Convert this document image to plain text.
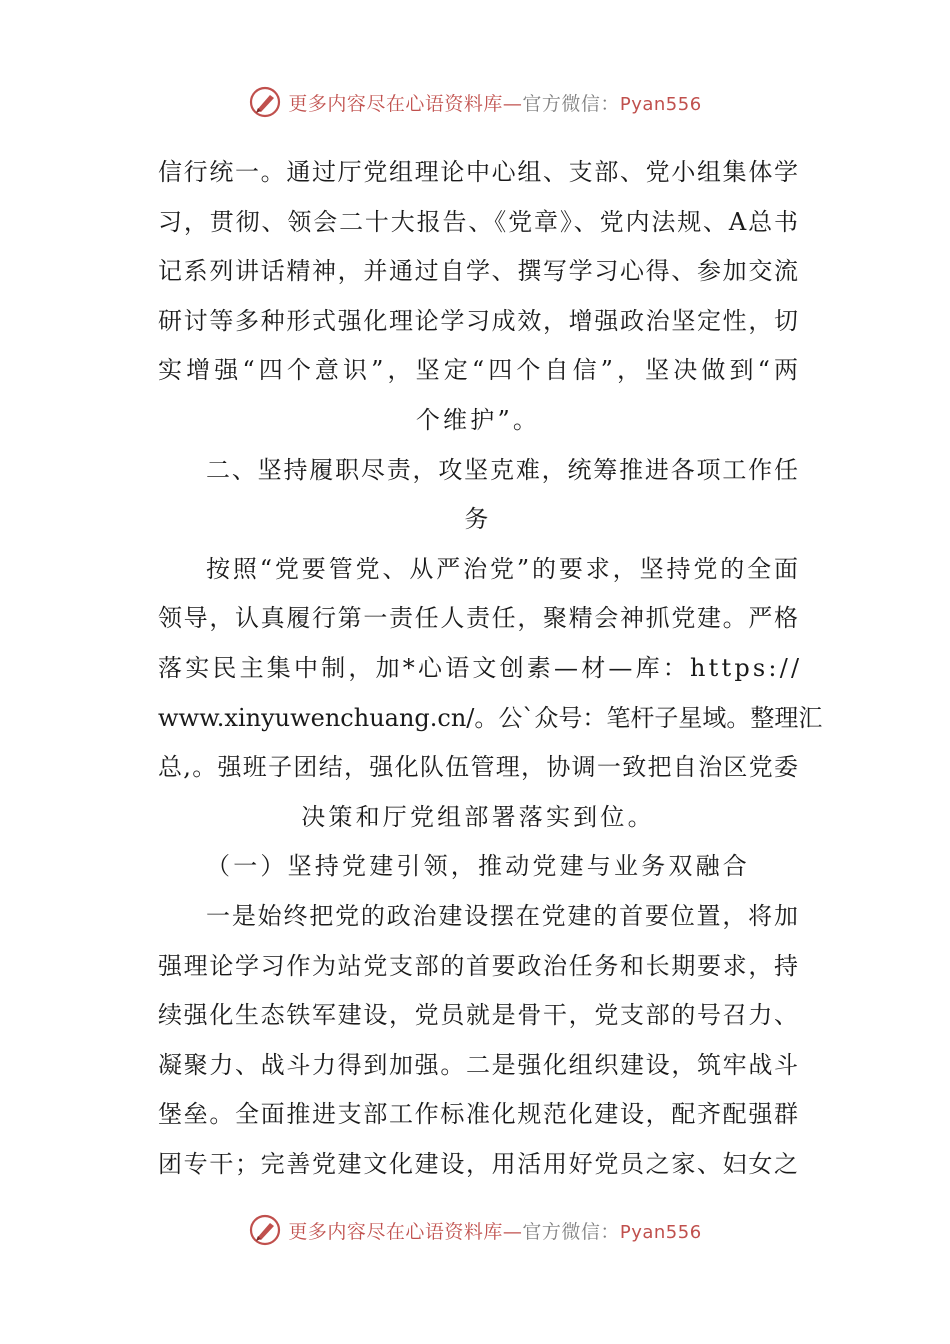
更多内容尽在心语资料库—官方微信：Pyan556
信行统一。通过厅党组理论中心组、支部、党小组集体学
习，贯彻、领会二十大报告、《党章》、党内法规、A总书
记系列讲话精神，并通过自学、撰写学习心得、参加交流
研讨等多种形式强化理论学习成效，增强政治坚定性，切
实增强“四个意识”，坚定“四个自信”，坚决做到“两
个维护”。
二、坚持履职尽责，攻坚克难，统筹推进各项工作任
务
按照“党要管党、从严治党”的要求，坚持党的全面
领导，认真履行第一责任人责任，聚精会神抓党建。严格
落实民主集中制，加*心语文创素—材—库：https://
www.xinyuwenchuang.cn/。公`众号：笔杆子星域。整理汇
总,。强班子团结，强化队伍管理，协调一致把自治区党委
决策和厅党组部署落实到位。
（一）坚持党建引领，推动党建与业务双融合
一是始终把党的政治建设摆在党建的首要位置，将加
强理论学习作为站党支部的首要政治任务和长期要求，持
续强化生态铁军建设，党员就是骨干，党支部的号召力、
凝聚力、战斗力得到加强。二是强化组织建设，筑牢战斗
堡垒。全面推进支部工作标准化规范化建设，配齐配强群
团专干；完善党建文化建设，用活用好党员之家、妇女之
更多内容尽在心语资料库—官方微信：Pyan556
